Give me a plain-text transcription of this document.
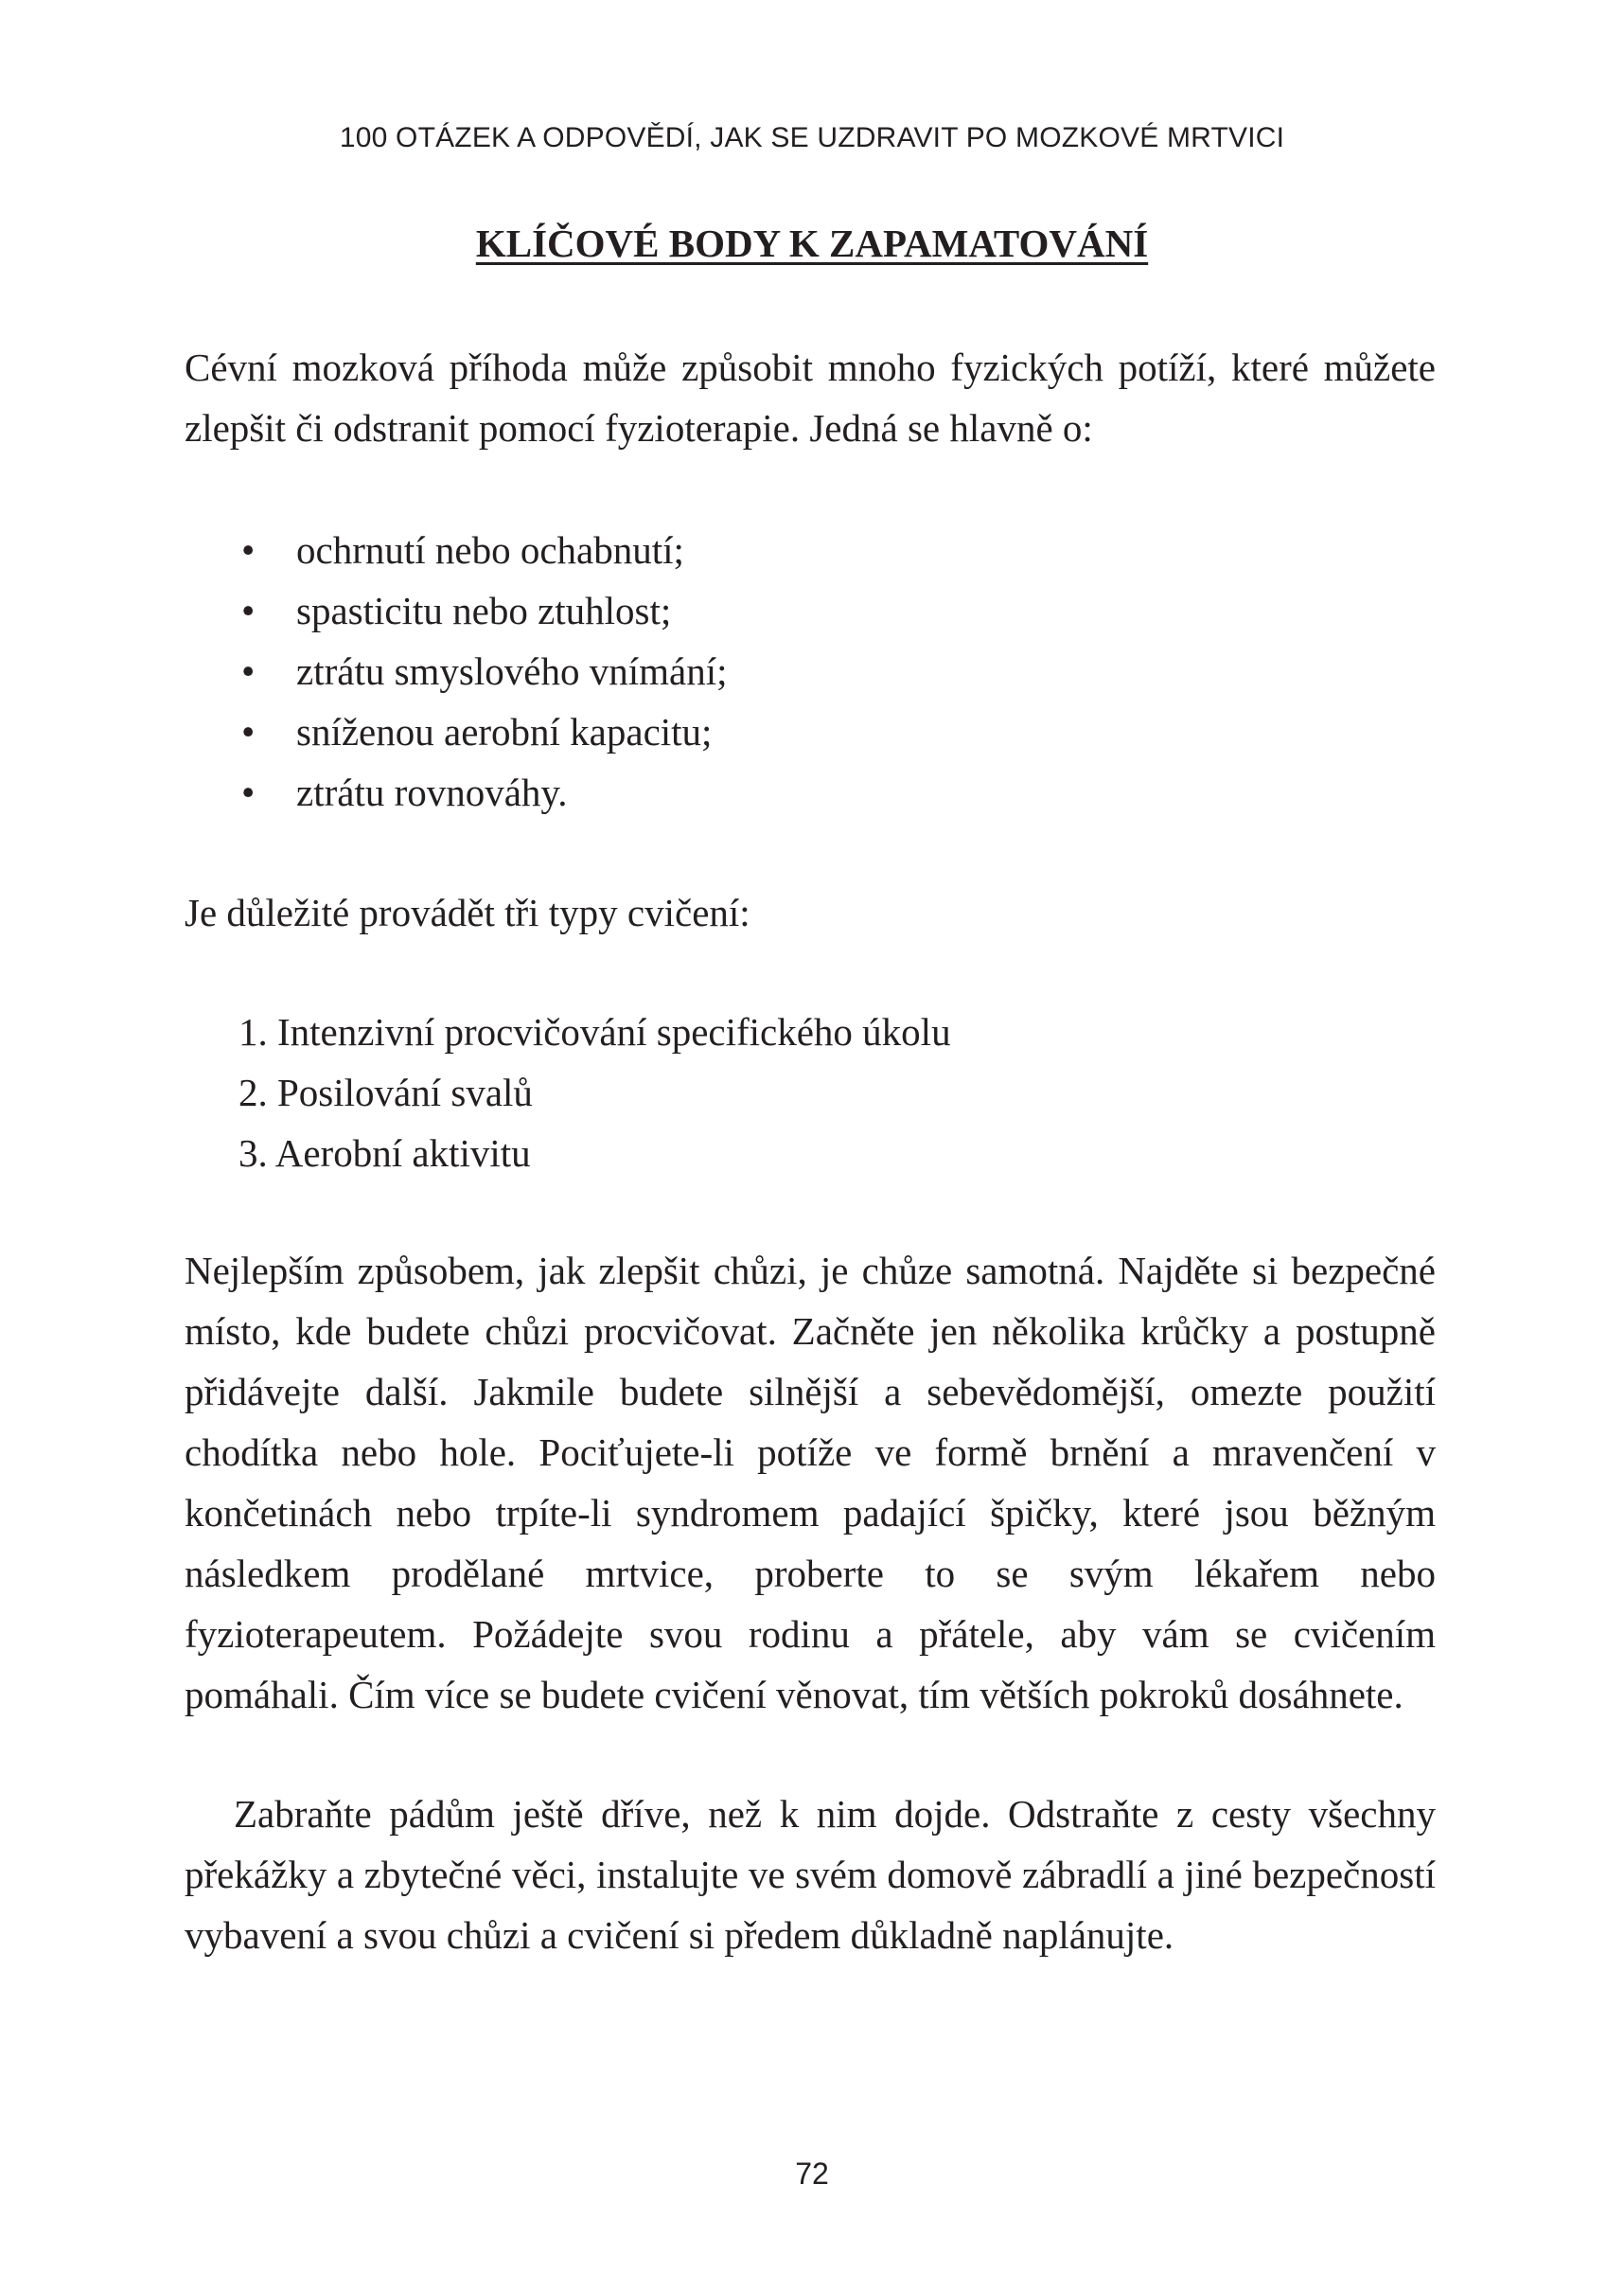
100 OTÁZEK A ODPOVĚDÍ, JAK SE UZDRAVIT PO MOZKOVÉ MRTVICI
KLÍČOVÉ BODY K ZAPAMATOVÁNÍ

Cévní mozková příhoda může způsobit mnoho fyzických potíží, které můžete zlepšit či odstranit pomocí fyzioterapie. Jedná se hlavně o:

• ochrnutí nebo ochabnutí;
• spasticitu nebo ztuhlost;
• ztrátu smyslového vnímání;
• sníženou aerobní kapacitu;
• ztrátu rovnováhy.

Je důležité provádět tři typy cvičení:

1. Intenzivní procvičování specifického úkolu
2. Posilování svalů
3. Aerobní aktivitu

Nejlepším způsobem, jak zlepšit chůzi, je chůze samotná. Najděte si bezpečné místo, kde budete chůzi procvičovat. Začněte jen několika krůčky a postupně přidávejte další. Jakmile budete silnější a sebevědomější, omezte použití chodítka nebo hole. Pociťujete-li potíže ve formě brnění a mravenčení v končetinách nebo trpíte-li syndromem padající špičky, které jsou běžným následkem prodělané mrtvice, proberte to se svým lékařem nebo fyzioterapeutem. Požádejte svou rodinu a přátele, aby vám se cvičením pomáhali. Čím více se budete cvičení věnovat, tím větších pokroků dosáhnete.

Zabraňte pádům ještě dříve, než k nim dojde. Odstraňte z cesty všechny překážky a zbytečné věci, instalujte ve svém domově zábradlí a jiné bezpečností vybavení a svou chůzi a cvičení si předem důkladně naplánujte.

72
